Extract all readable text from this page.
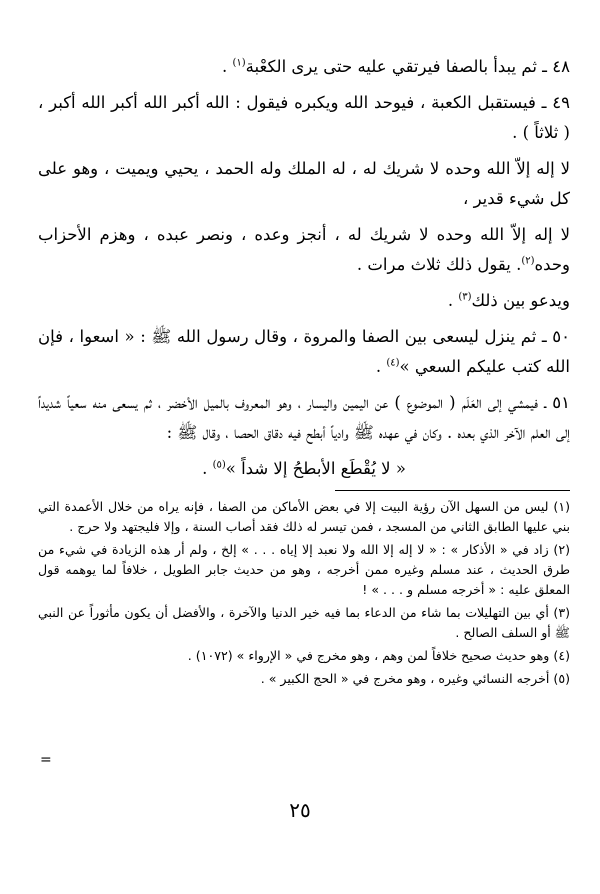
٤٨ ـ ثم يبدأ بالصفا فيرتقي عليه حتى يرى الكعْبة$^{(١)}$ .

٤٩ ـ فيستقبل الكعبة ، فيوحد الله ويكبره فيقول : الله أكبر الله أكبر الله أكبر ، ( ثلاثاً ) .

لا إله إلاّ الله وحده لا شريك له ، له الملك وله الحمد ، يحيي ويميت ، وهو على كل شيء قدير ،

لا إله إلاّ الله وحده لا شريك له ، أنجز وعده ، ونصر عبده ، وهزم الأحزاب وحده$^{(٢)}$. يقول ذلك ثلاث مرات .

ويدعو بين ذلك$^{(٣)}$ .

٥٠ ـ ثم ينزل ليسعى بين الصفا والمروة ، وقال رسول الله ﷺ : « اسعوا ، فإن الله كتب عليكم السعي »$^{(٤)}$ .

٥١ ـ فيمشي إلى العَلَم ( الموضوع ) عن اليمين واليسار ، وهو المعروف بالميل الأخضر ، ثم يسعى منه سعياً شديداً إلى العلم الآخر الذي بعده . وكان في عهده ﷺ وادياً أبطح فيه دقاق الحصا ، وقال ﷺ :

« لا يُقْطَع الأبطحُ إلا شداً »$^{(٥)}$ .

(١) ليس من السهل الآن رؤية البيت إلا في بعض الأماكن من الصفا ، فإنه يراه من خلال الأعمدة التي بني عليها الطابق الثاني من المسجد ، فمن تيسر له ذلك فقد أصاب السنة ، وإلا فليجتهد ولا حرج .

(٢) زاد في « الأذكار » : « لا إله إلا الله ولا نعبد إلا إياه . . . » إلخ ، ولم أر هذه الزيادة في شيء من طرق الحديث ، عند مسلم وغيره ممن أخرجه ، وهو من حديث جابر الطويل ، خلافاً لما يوهمه قول المعلق عليه : « أخرجه مسلم و . . . » !

(٣) أي بين التهليلات بما شاء من الدعاء بما فيه خير الدنيا والآخرة ، والأفضل أن يكون مأثوراً عن النبي ﷺ أو السلف الصالح .

(٤) وهو حديث صحيح خلافاً لمن وهم ، وهو مخرج في « الإرواء » (١٠٧٢) .

(٥) أخرجه النسائي وغيره ، وهو مخرج في « الحج الكبير » .

=
٢٥
